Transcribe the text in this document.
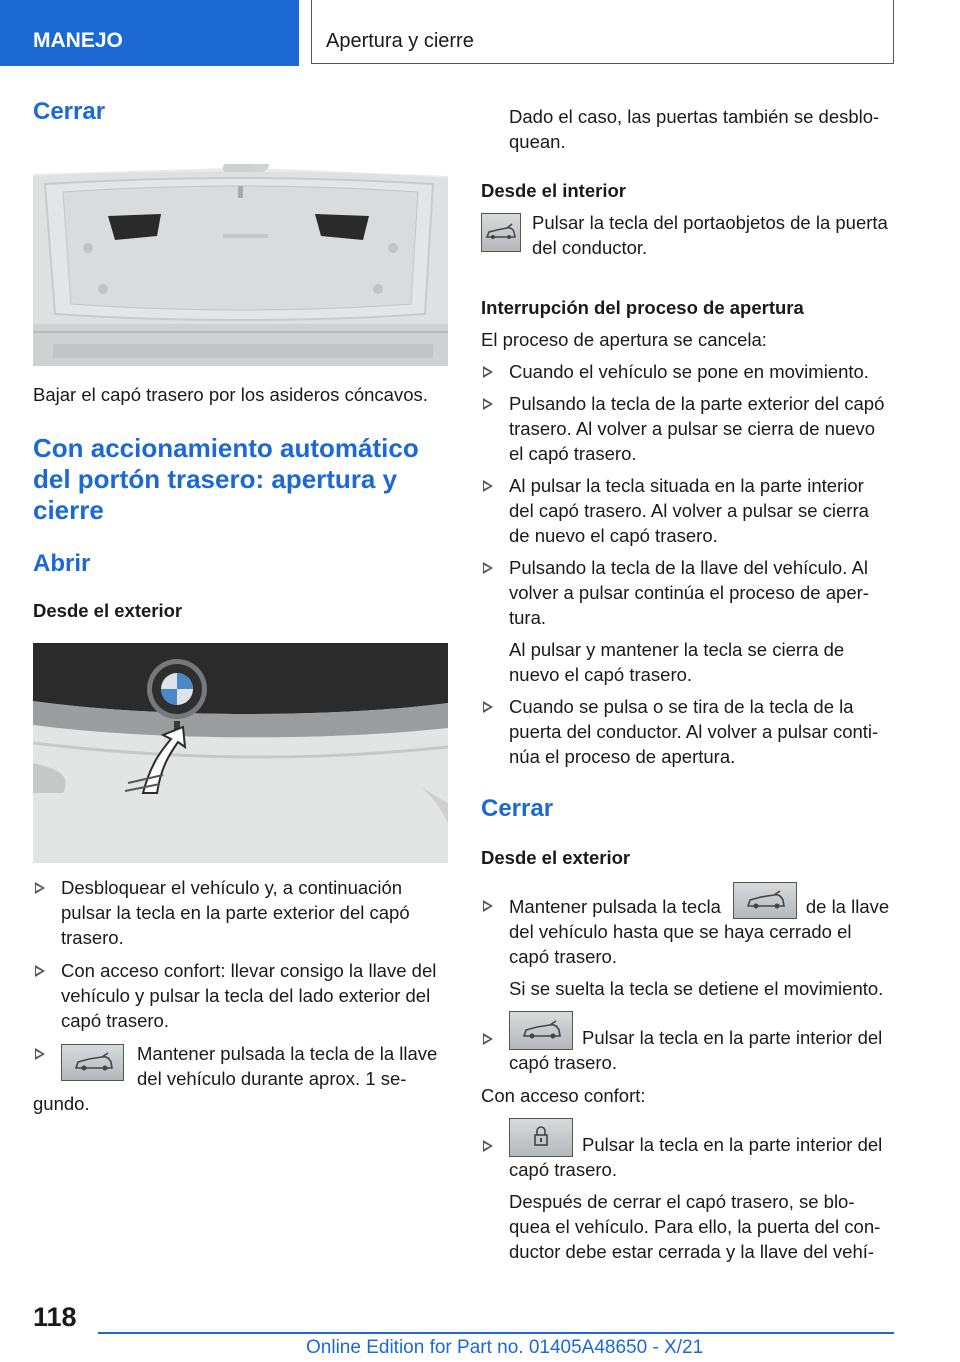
MANEJO	Apertura y cierre
Cerrar

Bajar el capó trasero por los asideros cóncavos.

Con accionamiento automático
del portón trasero: apertura y
cierre
Abrir

Desde el exterior

Desbloquear el vehículo y, a continuación
pulsar la tecla en la parte exterior del capó
trasero.
Con acceso confort: llevar consigo la llave del
vehículo y pulsar la tecla del lado exterior del
capó trasero.
Mantener pulsada la tecla de la llave
del vehículo durante aprox. 1 se-
gundo.
Dado el caso, las puertas también se desblo-
quean.

Desde el interior

Pulsar la tecla del portaobjetos de la puerta
del conductor.

Interrupción del proceso de apertura

El proceso de apertura se cancela:

Cuando el vehículo se pone en movimiento.
Pulsando la tecla de la parte exterior del capó
trasero. Al volver a pulsar se cierra de nuevo
el capó trasero.
Al pulsar la tecla situada en la parte interior
del capó trasero. Al volver a pulsar se cierra
de nuevo el capó trasero.
Pulsando la tecla de la llave del vehículo. Al
volver a pulsar continúa el proceso de aper-
tura.
Al pulsar y mantener la tecla se cierra de
nuevo el capó trasero.
Cuando se pulsa o se tira de la tecla de la
puerta del conductor. Al volver a pulsar conti-
núa el proceso de apertura.
Cerrar

Desde el exterior

Mantener pulsada la tecla	de la llave
del vehículo hasta que se haya cerrado el
capó trasero.
Si se suelta la tecla se detiene el movimiento.
Pulsar la tecla en la parte interior del
capó trasero.

Con acceso confort:

Pulsar la tecla en la parte interior del
capó trasero.
Después de cerrar el capó trasero, se blo-
quea el vehículo. Para ello, la puerta del con-
ductor debe estar cerrada y la llave del vehí-
118
Online Edition for Part no. 01405A48650 - X/21
